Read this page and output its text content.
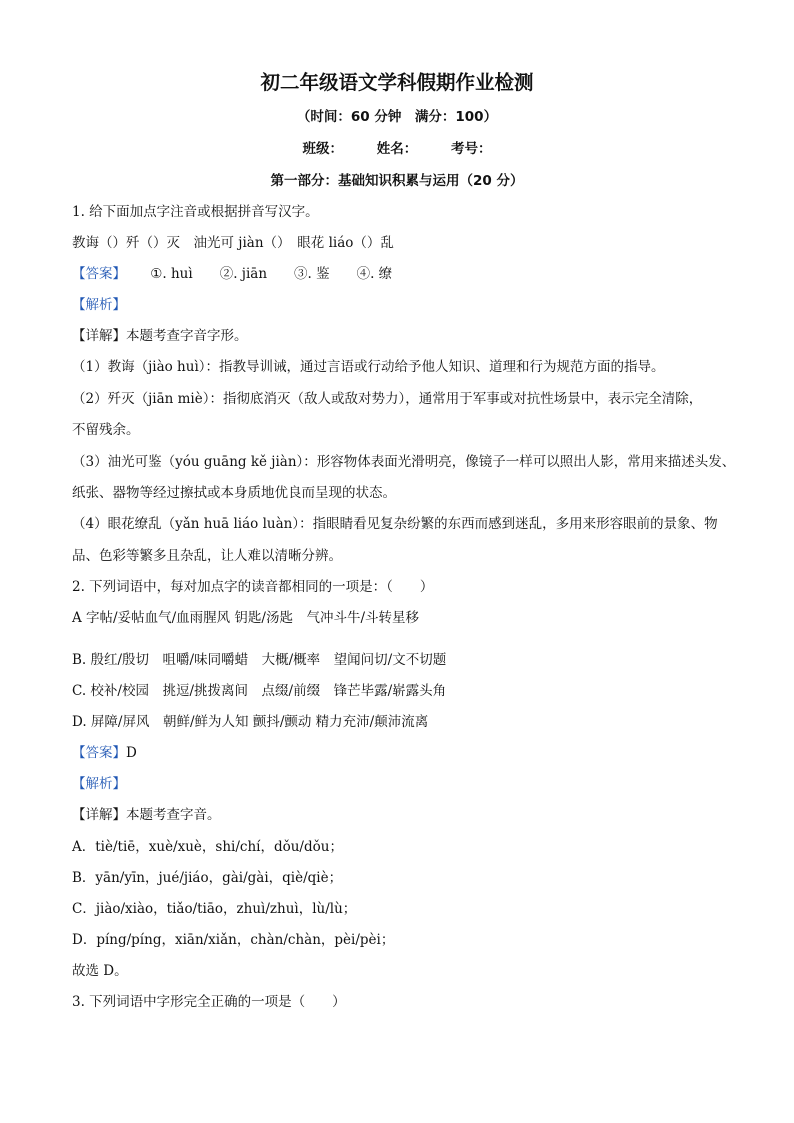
初二年级语文学科假期作业检测
（时间：60 分钟　满分：100）
班级：　　　姓名：　　　考号：
第一部分：基础知识积累与运用（20 分）
1. 给下面加点字注音或根据拼音写汉字。
教诲（）歼（）灭　油光可 jiàn（）　眼花 liáo（）乱
【答案】 ①. huì　　②. jiān　　③. 鉴　　④. 缭
【解析】
【详解】本题考查字音字形。
（1）教诲（jiào huì）：指教导训诫，通过言语或行动给予他人知识、道理和行为规范方面的指导。
（2）歼灭（jiān miè）：指彻底消灭（敌人或敌对势力），通常用于军事或对抗性场景中，表示完全清除，
不留残余。
（3）油光可鉴（yóu guāng kě jiàn）：形容物体表面光滑明亮，像镜子一样可以照出人影，常用来描述头发、
纸张、器物等经过擦拭或本身质地优良而呈现的状态。
（4）眼花缭乱（yǎn huā liáo luàn）：指眼睛看见复杂纷繁的东西而感到迷乱，多用来形容眼前的景象、物
品、色彩等繁多且杂乱，让人难以清晰分辨。
2. 下列词语中，每对加点字的读音都相同的一项是：（　　）
A 字帖/妥帖血气/血雨腥风 钥匙/汤匙　气冲斗牛/斗转星移
B. 殷红/殷切　咀嚼/味同嚼蜡　大概/概率　望闻问切/文不切题
C. 校补/校园　挑逗/挑拨离间　点缀/前缀　锋芒毕露/崭露头角
D. 屏障/屏风　朝鲜/鲜为人知 颤抖/颤动 精力充沛/颠沛流离
【答案】D
【解析】
【详解】本题考查字音。
A．tiè/tiē，xuè/xuè，shi/chí，dǒu/dǒu；
B．yān/yīn，jué/jiáo，gài/gài，qiè/qiè；
C．jiào/xiào，tiǎo/tiāo，zhuì/zhuì，lù/lù；
D．píng/píng，xiān/xiǎn，chàn/chàn，pèi/pèi；
故选 D。
3. 下列词语中字形完全正确的一项是（　　）
